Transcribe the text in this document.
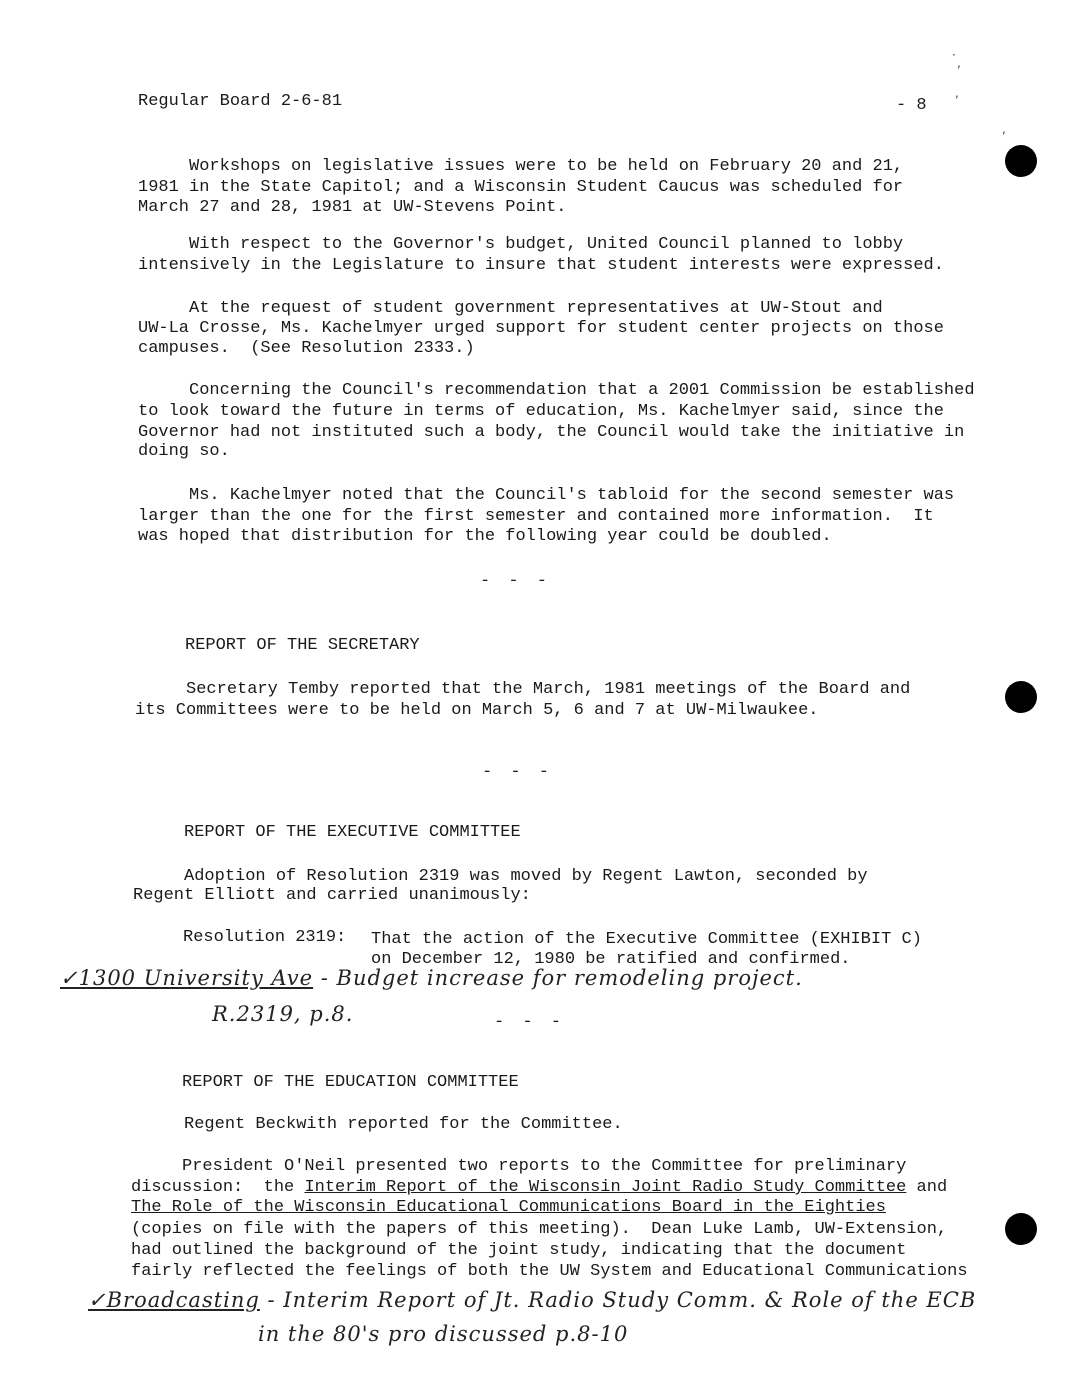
Regular Board 2-6-81	- 8
·
,
,
,
Workshops on legislative issues were to be held on February 20 and 21,
1981 in the State Capitol; and a Wisconsin Student Caucus was scheduled for
March 27 and 28, 1981 at UW-Stevens Point.
With respect to the Governor's budget, United Council planned to lobby
intensively in the Legislature to insure that student interests were expressed.
At the request of student government representatives at UW-Stout and
UW-La Crosse, Ms. Kachelmyer urged support for student center projects on those
campuses.  (See Resolution 2333.)
Concerning the Council's recommendation that a 2001 Commission be established
to look toward the future in terms of education, Ms. Kachelmyer said, since the
Governor had not instituted such a body, the Council would take the initiative in
doing so.
Ms. Kachelmyer noted that the Council's tabloid for the second semester was
larger than the one for the first semester and contained more information.  It
was hoped that distribution for the following year could be doubled.
- - -
REPORT OF THE SECRETARY
Secretary Temby reported that the March, 1981 meetings of the Board and
its Committees were to be held on March 5, 6 and 7 at UW-Milwaukee.
- - -
REPORT OF THE EXECUTIVE COMMITTEE
Adoption of Resolution 2319 was moved by Regent Lawton, seconded by
Regent Elliott and carried unanimously:
Resolution 2319: That the action of the Executive Committee (EXHIBIT C)
on December 12, 1980 be ratified and confirmed.
✓1300 University Ave - Budget increase for remodeling project.
R.2319, p.8.	- - -
REPORT OF THE EDUCATION COMMITTEE
Regent Beckwith reported for the Committee.
President O'Neil presented two reports to the Committee for preliminary
discussion:  the Interim Report of the Wisconsin Joint Radio Study Committee and
The Role of the Wisconsin Educational Communications Board in the Eighties
(copies on file with the papers of this meeting).  Dean Luke Lamb, UW-Extension,
had outlined the background of the joint study, indicating that the document
fairly reflected the feelings of both the UW System and Educational Communications
✓Broadcasting - Interim Report of Jt. Radio Study Comm. & Role of the ECB
in the 80's pro discussed p.8-10
